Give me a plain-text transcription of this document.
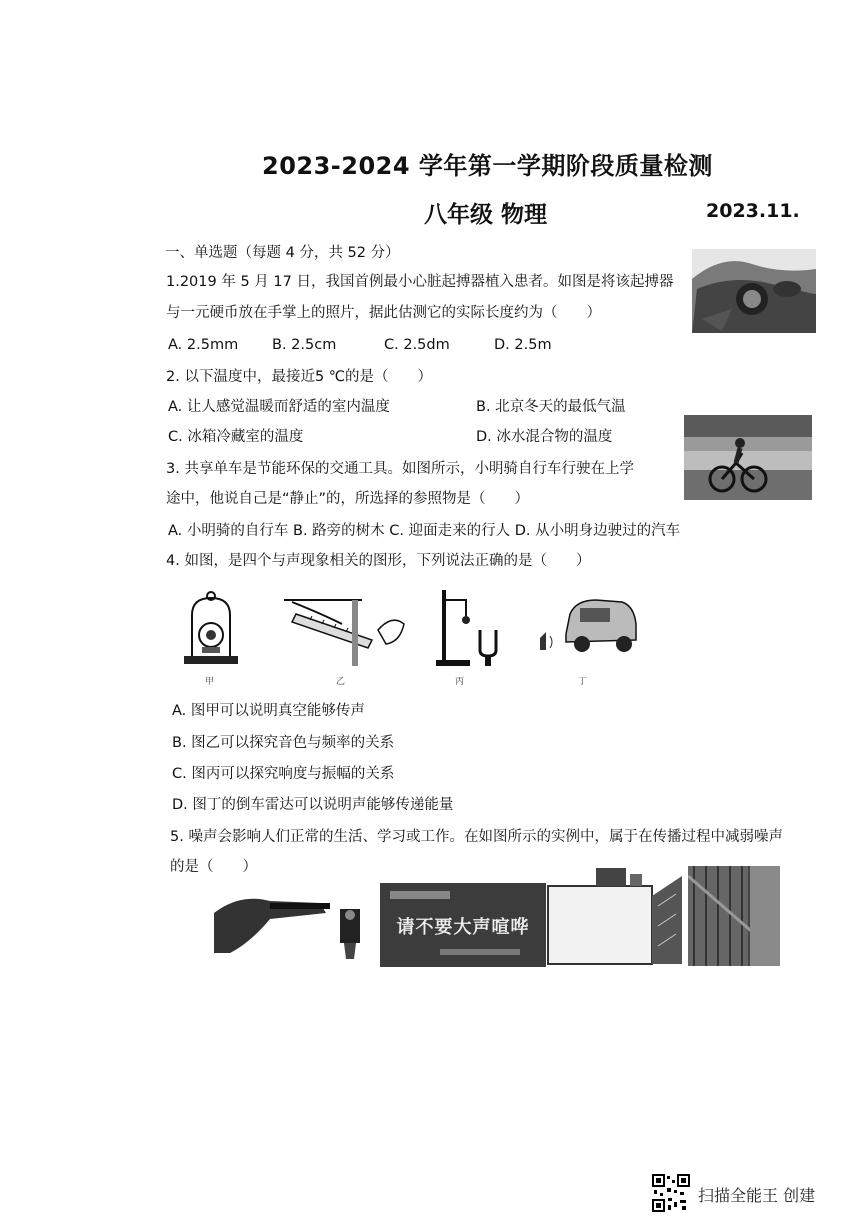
2023-2024 学年第一学期阶段质量检测
八年级 物理	2023.11.
一、单选题（每题 4 分，共 52 分）
1.2019 年 5 月 17 日，我国首例最小心脏起搏器植入患者。如图是将该起搏器
与一元硬币放在手掌上的照片，据此估测它的实际长度约为（　　）
A. 2.5mm B. 2.5cm	C. 2.5dm	D. 2.5m
2. 以下温度中，最接近5 ℃的是（　　）
A. 让人感觉温暖而舒适的室内温度	B. 北京冬天的最低气温
C. 冰箱冷藏室的温度	D. 冰水混合物的温度
3. 共享单车是节能环保的交通工具。如图所示，小明骑自行车行驶在上学
途中，他说自己是“静止”的，所选择的参照物是（　　）
A. 小明骑的自行车 B. 路旁的树木 C. 迎面走来的行人 D. 从小明身边驶过的汽车
4. 如图，是四个与声现象相关的图形，下列说法正确的是（　　）
甲	乙	丙	丁
A. 图甲可以说明真空能够传声
B. 图乙可以探究音色与频率的关系
C. 图丙可以探究响度与振幅的关系
D. 图丁的倒车雷达可以说明声能够传递能量
5. 噪声会影响人们正常的生活、学习或工作。在如图所示的实例中，属于在传播过程中减弱噪声
的是（　　）
请不要大声喧哗
扫描全能王 创建
